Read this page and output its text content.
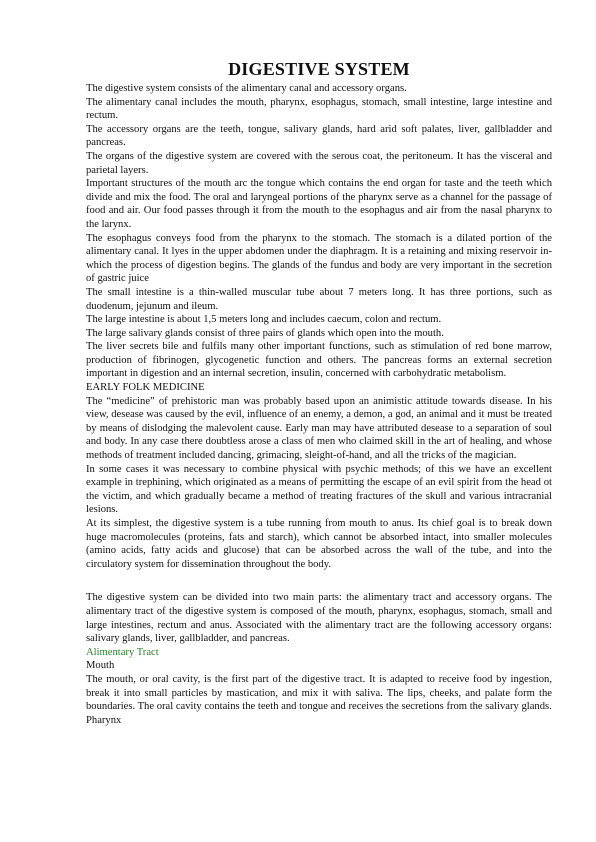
DIGESTIVE SYSTEM

The digestive system consists of the alimentary canal and accessory organs.

The alimentary canal includes the mouth, pharynx, esophagus, stomach, small intestine, large intestine and rectum.

The accessory organs are the teeth, tongue, salivary glands, hard arid soft palates, liver, gallbladder and pancreas.

The organs of the digestive system are covered with the serous coat, the peritoneum. It has the visceral and parietal layers.

Important structures of the mouth arc the tongue which contains the end organ for taste and the teeth which divide and mix the food. The oral and laryngeal portions of the pharynx serve as a channel for the passage of food and air. Our food passes through it from the mouth to the esophagus and air from the nasal pharynx to the larynx.

The esophagus conveys food from the pharynx to the stomach. The stomach is a dilated portion of the alimentary canal. It lyes in the upper abdomen under the diaphragm. It is a retaining and mixing reservoir in-which the process of digestion begins. The glands of the fundus and body are very important in the secretion of gastric juice

The small intestine is a thin-walled muscular tube about 7 meters long. It has three portions, such as duodenum, jejunum and ileum.

The large intestine is about 1,5 meters long and includes caecum, colon and rectum.

The large salivary glands consist of three pairs of glands which open into the mouth.

The liver secrets bile and fulfils many other important functions, such as stimulation of red bone marrow, production of fibrinogen, glycogenetic function and others. The pancreas forms an external secretion important in digestion and an internal secretion, insulin, concerned with carbohydratic metabolism.

EARLY FOLK MEDICINE

The “medicine” of prehistoric man was probably based upon an animistic attitude towards disease. In his view, desease was caused by the evil, influence of an enemy, a demon, a god, an animal and it must be treated by means of dislodging the malevolent cause. Early man may have attributed desease to a separation of soul and body. In any case there doubtless arose a class of men who claimed skill in the art of healing, and whose methods of treatment included dancing, grimacing, sleight-of-hand, and all the tricks of the magician.

In some cases it was necessary to combine physical with psychic methods; of this we have an excellent example in trephining, which originated as a means of permitting the escape of an evil spirit from the head ot the victim, and which gradually became a method of treating fractures of the skull and various intracranial lesions.

At its simplest, the digestive system is a tube running from mouth to anus. Its chief goal is to break down huge macromolecules (proteins, fats and starch), which cannot be absorbed intact, into smaller molecules (amino acids, fatty acids and glucose) that can be absorbed across the wall of the tube, and into the circulatory system for dissemination throughout the body.

The digestive system can be divided into two main parts: the alimentary tract and accessory organs. The alimentary tract of the digestive system is composed of the mouth, pharynx, esophagus, stomach, small and large intestines, rectum and anus. Associated with the alimentary tract are the following accessory organs: salivary glands, liver, gallbladder, and pancreas.

Alimentary Tract

Mouth

The mouth, or oral cavity, is the first part of the digestive tract. It is adapted to receive food by ingestion, break it into small particles by mastication, and mix it with saliva. The lips, cheeks, and palate form the boundaries. The oral cavity contains the teeth and tongue and receives the secretions from the salivary glands.

Pharynx
